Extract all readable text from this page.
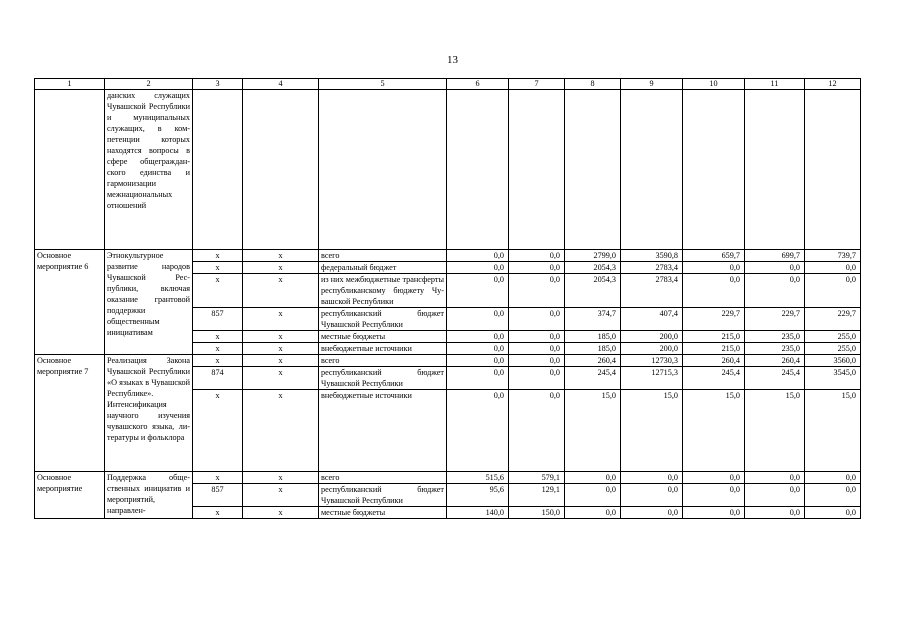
13
1	2	3	4	5	6	7	8	9	10	11	12
	данских служащих Чувашской Республики и муниципальных служащих, в компетенции которых находятся вопросы в сфере общегражданского единства и гармонизации межнациональных отношений										
Основное мероприятие 6	Этнокультурное развитие народов Чувашской Республики, включая оказание грантовой поддержки общественным инициативам	x	x	всего	0,0	0,0	2799,0	3590,8	659,7	699,7	739,7
		x	x	федеральный бюджет	0,0	0,0	2054,3	2783,4	0,0	0,0	0,0
		x	x	из них межбюджетные трансферты республиканскому бюджету Чувашской Республики	0,0	0,0	2054,3	2783,4	0,0	0,0	0,0
		857	x	республиканский бюджет Чувашской Республики	0,0	0,0	374,7	407,4	229,7	229,7	229,7
		x	x	местные бюджеты	0,0	0,0	185,0	200,0	215,0	235,0	255,0
		x	x	внебюджетные источники	0,0	0,0	185,0	200,0	215,0	235,0	255,0
Основное мероприятие 7	Реализация Закона Чувашской Республики «О языках в Чувашской Республике». Интенсификация научного изучения чувашского языка, литературы и фольклора	x	x	всего	0,0	0,0	260,4	12730,3	260,4	260,4	3560,0
		874	x	республиканский бюджет Чувашской Республики	0,0	0,0	245,4	12715,3	245,4	245,4	3545,0
		x	x	внебюджетные источники	0,0	0,0	15,0	15,0	15,0	15,0	15,0
Основное мероприятие	Поддержка общественных инициатив и мероприятий, направлен-	x	x	всего	515,6	579,1	0,0	0,0	0,0	0,0	0,0
		857	x	республиканский бюджет Чувашской Республики	95,6	129,1	0,0	0,0	0,0	0,0	0,0
		x	x	местные бюджеты	140,0	150,0	0,0	0,0	0,0	0,0	0,0
